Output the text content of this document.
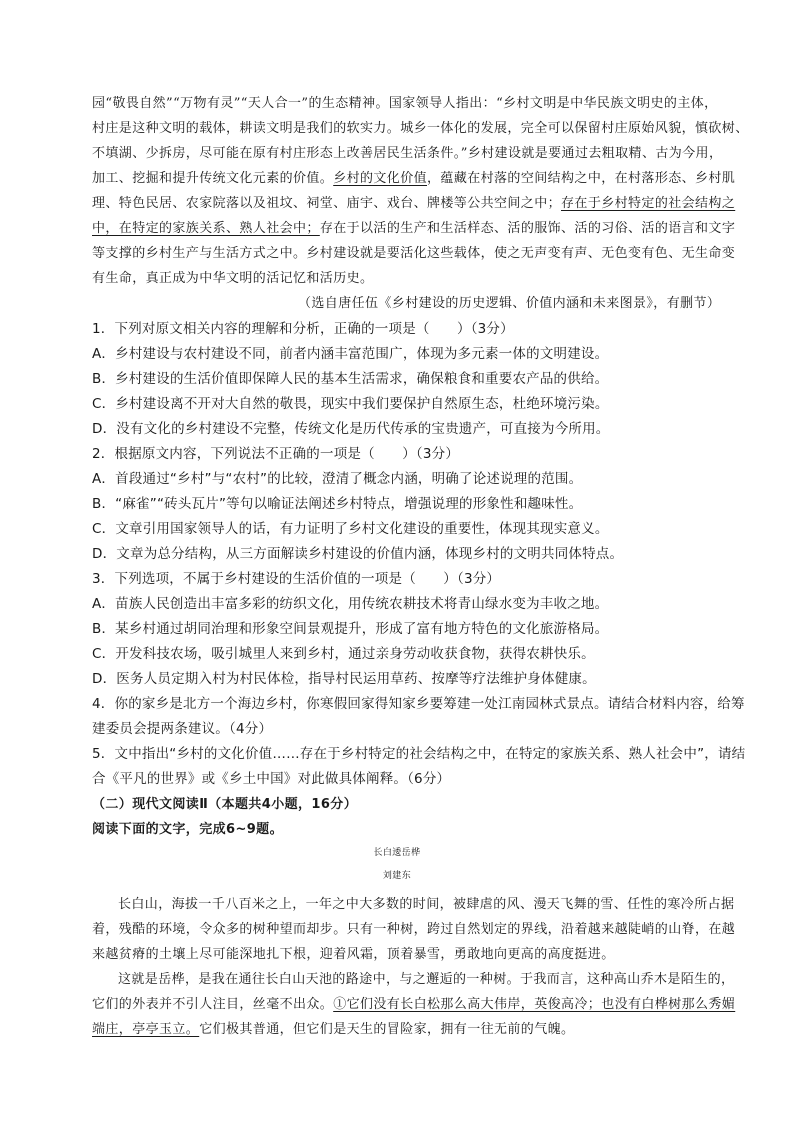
园“敬畏自然”“万物有灵”“天人合一”的生态精神。国家领导人指出：“乡村文明是中华民族文明史的主体，
村庄是这种文明的载体，耕读文明是我们的软实力。城乡一体化的发展，完全可以保留村庄原始风貌，慎砍树、
不填湖、少拆房，尽可能在原有村庄形态上改善居民生活条件。”乡村建设就是要通过去粗取精、古为今用，
加工、挖掘和提升传统文化元素的价值。乡村的文化价值，蕴藏在村落的空间结构之中，在村落形态、乡村肌
理、特色民居、农家院落以及祖坟、祠堂、庙宇、戏台、牌楼等公共空间之中；存在于乡村特定的社会结构之
中，在特定的家族关系、熟人社会中；存在于以活的生产和生活样态、活的服饰、活的习俗、活的语言和文字
等支撑的乡村生产与生活方式之中。乡村建设就是要活化这些载体，使之无声变有声、无色变有色、无生命变
有生命，真正成为中华文明的活记忆和活历史。
（选自唐任伍《乡村建设的历史逻辑、价值内涵和未来图景》，有删节）
1．下列对原文相关内容的理解和分析，正确的一项是（　　）（3分）
A．乡村建设与农村建设不同，前者内涵丰富范围广，体现为多元素一体的文明建设。
B．乡村建设的生活价值即保障人民的基本生活需求，确保粮食和重要农产品的供给。
C．乡村建设离不开对大自然的敬畏，现实中我们要保护自然原生态，杜绝环境污染。
D．没有文化的乡村建设不完整，传统文化是历代传承的宝贵遗产，可直接为今所用。
2．根据原文内容，下列说法不正确的一项是（　　）（3分）
A．首段通过“乡村”与“农村”的比较，澄清了概念内涵，明确了论述说理的范围。
B．“麻雀”“砖头瓦片”等句以喻证法阐述乡村特点，增强说理的形象性和趣味性。
C．文章引用国家领导人的话，有力证明了乡村文化建设的重要性，体现其现实意义。
D．文章为总分结构，从三方面解读乡村建设的价值内涵，体现乡村的文明共同体特点。
3．下列选项，不属于乡村建设的生活价值的一项是（　　）（3分）
A．苗族人民创造出丰富多彩的纺织文化，用传统农耕技术将青山绿水变为丰收之地。
B．某乡村通过胡同治理和形象空间景观提升，形成了富有地方特色的文化旅游格局。
C．开发科技农场，吸引城里人来到乡村，通过亲身劳动收获食物，获得农耕快乐。
D．医务人员定期入村为村民体检，指导村民运用草药、按摩等疗法维护身体健康。
4．你的家乡是北方一个海边乡村，你寒假回家得知家乡要筹建一处江南园林式景点。请结合材料内容，给筹
建委员会提两条建议。（4分）
5．文中指出“乡村的文化价值……存在于乡村特定的社会结构之中，在特定的家族关系、熟人社会中”，请结
合《平凡的世界》或《乡土中国》对此做具体阐释。（6分）
（二）现代文阅读Ⅱ（本题共4小题，16分）
阅读下面的文字，完成6~9题。
长白逶岳桦
刘建东
长白山，海拔一千八百米之上，一年之中大多数的时间，被肆虐的风、漫天飞舞的雪、任性的寒冷所占据
着，残酷的环境，令众多的树种望而却步。只有一种树，跨过自然划定的界线，沿着越来越陡峭的山脊，在越
来越贫瘠的土壤上尽可能深地扎下根，迎着风霜，顶着暴雪，勇敢地向更高的高度挺进。
这就是岳桦，是我在通往长白山天池的路途中，与之邂逅的一种树。于我而言，这种高山乔木是陌生的，
它们的外表并不引人注目，丝毫不出众。①它们没有长白松那么高大伟岸，英俊高冷；也没有白桦树那么秀媚
端庄，亭亭玉立。它们极其普通，但它们是天生的冒险家，拥有一往无前的气魄。
